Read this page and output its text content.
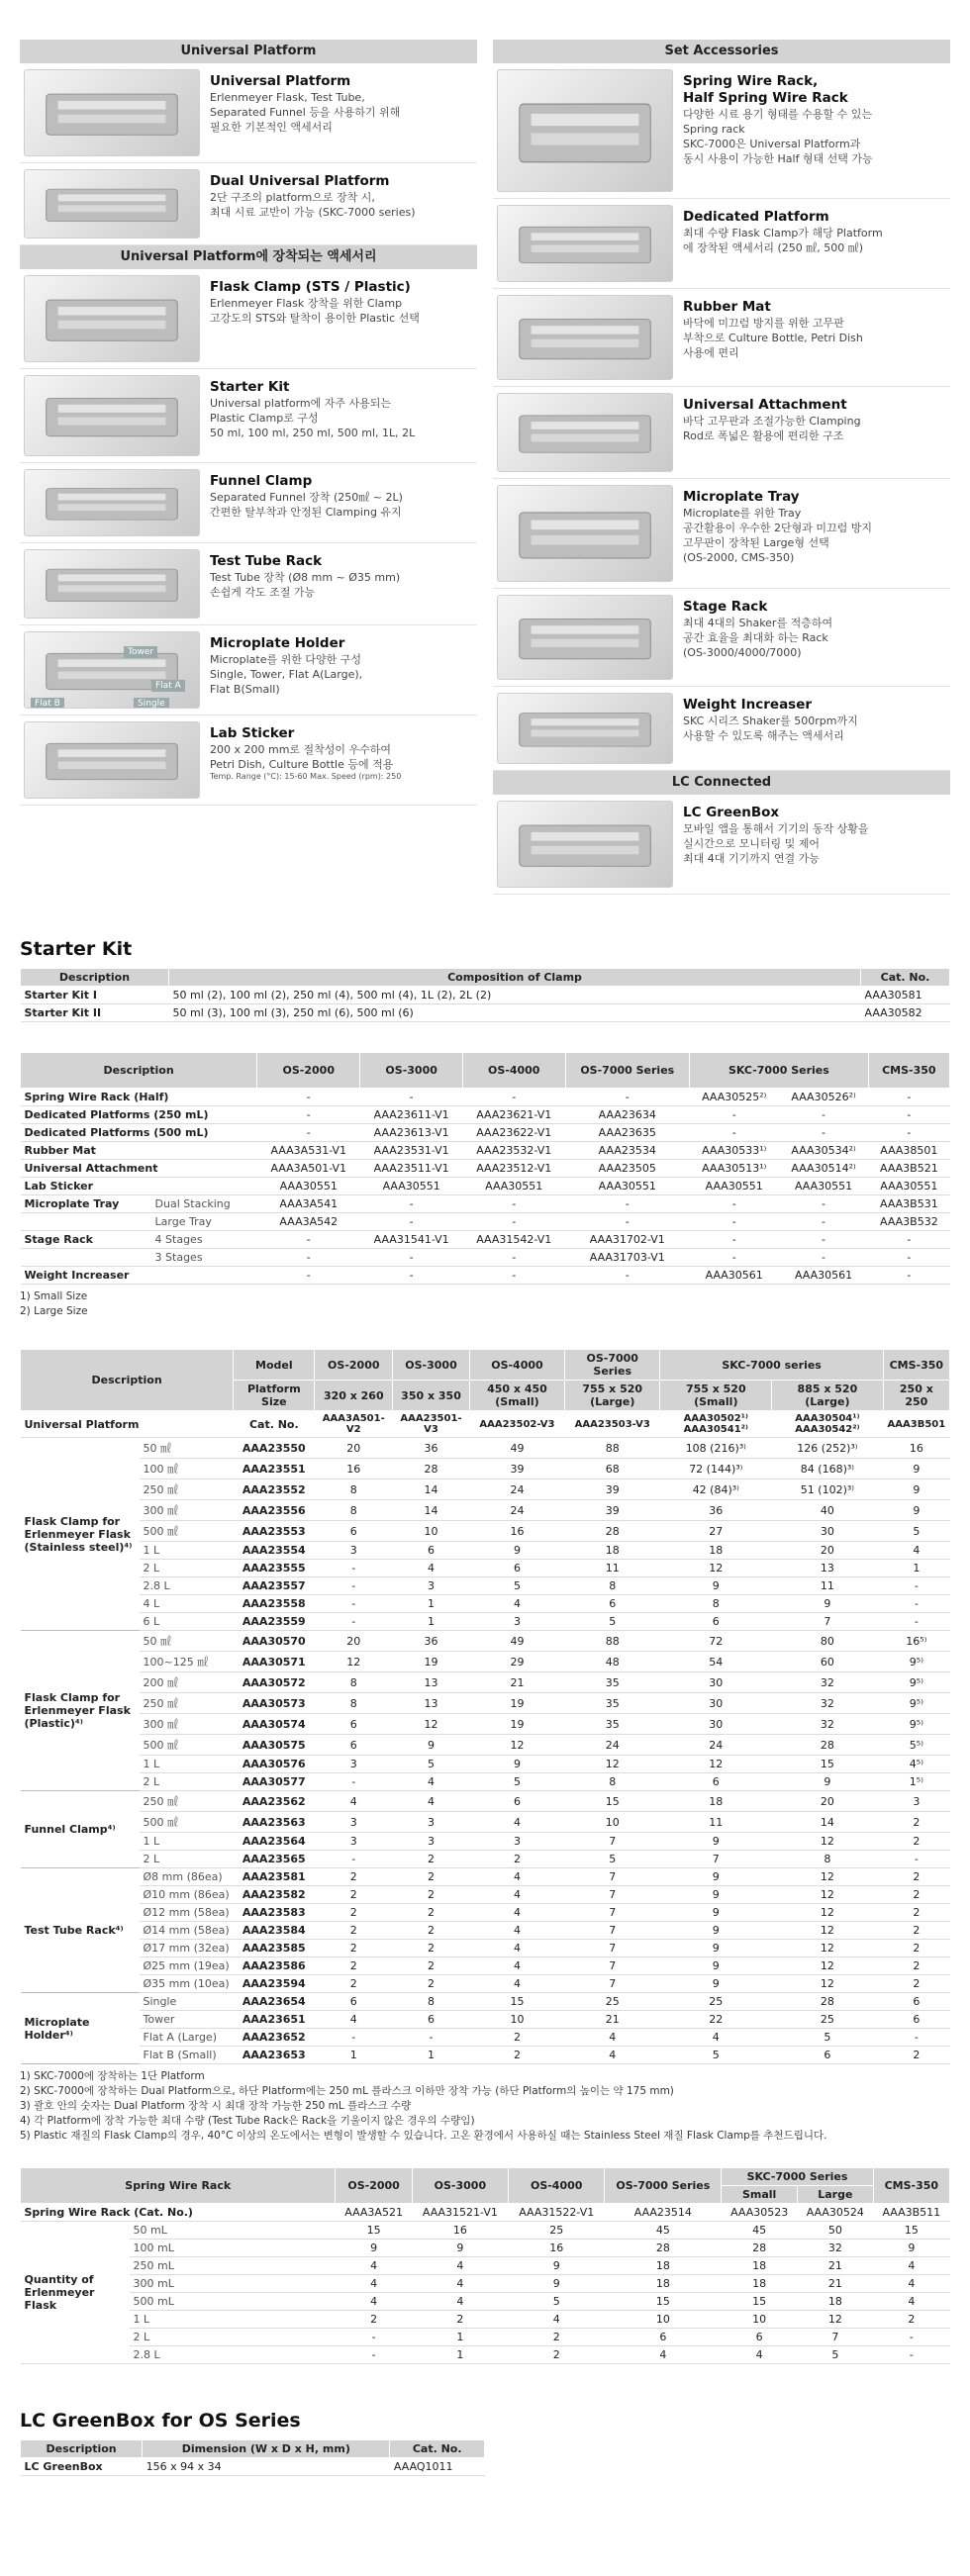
Universal Platform
Universal Platform
Erlenmeyer Flask, Test Tube,
Separated Funnel 등을 사용하기 위해
필요한 기본적인 액세서리
Dual Universal Platform
2단 구조의 platform으로 장착 시,
최대 시료 교반이 가능 (SKC-7000 series)
Universal Platform에 장착되는 액세서리
Flask Clamp (STS / Plastic)
Erlenmeyer Flask 장착을 위한 Clamp
고강도의 STS와 탈착이 용이한 Plastic 선택
Starter Kit
Universal platform에 자주 사용되는
Plastic Clamp로 구성
50 ml, 100 ml, 250 ml, 500 ml, 1L, 2L
Funnel Clamp
Separated Funnel 장착 (250㎖ ~ 2L)
간편한 탈부착과 안정된 Clamping 유지
Test Tube Rack
Test Tube 장착 (Ø8 mm ~ Ø35 mm)
손쉽게 각도 조절 가능
Tower
Flat A
Flat B	Single
Microplate Holder
Microplate를 위한 다양한 구성
Single, Tower, Flat A(Large),
Flat B(Small)
Lab Sticker
200 x 200 mm로 절착성이 우수하여
Petri Dish, Culture Bottle 등에 적용
Temp. Range (°C): 15-60 Max. Speed (rpm): 250
Set Accessories
Spring Wire Rack,
Half Spring Wire Rack
다양한 시료 용기 형태를 수용할 수 있는
Spring rack
SKC-7000은 Universal Platform과
동시 사용이 가능한 Half 형태 선택 가능
Dedicated Platform
최대 수량 Flask Clamp가 해당 Platform
에 장착된 액세서리 (250 ㎖, 500 ㎖)
Rubber Mat
바닥에 미끄럼 방지를 위한 고무판
부착으로 Culture Bottle, Petri Dish
사용에 편리
Universal Attachment
바닥 고무판과 조절가능한 Clamping
Rod로 폭넓은 활용에 편리한 구조
Microplate Tray
Microplate를 위한 Tray
공간활용이 우수한 2단형과 미끄럼 방지
고무판이 장착된 Large형 선택
(OS-2000, CMS-350)
Stage Rack
최대 4대의 Shaker를 적층하여
공간 효율을 최대화 하는 Rack
(OS-3000/4000/7000)
Weight Increaser
SKC 시리즈 Shaker를 500rpm까지
사용할 수 있도록 해주는 액세서리
LC Connected
LC GreenBox
모바일 앱을 통해서 기기의 동작 상황을
실시간으로 모니터링 및 제어
최대 4대 기기까지 연결 가능
Starter Kit
Description	Composition of Clamp	Cat. No.
Starter Kit I	50 ml (2), 100 ml (2), 250 ml (4), 500 ml (4), 1L (2), 2L (2)	AAA30581
Starter Kit II	50 ml (3), 100 ml (3), 250 ml (6), 500 ml (6)	AAA30582
Description		OS-2000	OS-3000	OS-4000	OS-7000 Series	SKC-7000 Series		CMS-350
Spring Wire Rack (Half)		-	-	-	-	AAA30525²⁾	AAA30526²⁾	-
Dedicated Platforms (250 mL)		-	AAA23611-V1	AAA23621-V1	AAA23634	-	-	-
Dedicated Platforms (500 mL)		-	AAA23613-V1	AAA23622-V1	AAA23635	-	-	-
Rubber Mat		AAA3A531-V1	AAA23531-V1	AAA23532-V1	AAA23534	AAA30533¹⁾	AAA30534²⁾	AAA38501
Universal Attachment		AAA3A501-V1	AAA23511-V1	AAA23512-V1	AAA23505	AAA30513¹⁾	AAA30514²⁾	AAA3B521
Lab Sticker		AAA30551	AAA30551	AAA30551	AAA30551	AAA30551	AAA30551	AAA30551
Microplate Tray	Dual Stacking	AAA3A541	-	-	-	-	-	AAA3B531
	Large Tray	AAA3A542	-	-	-	-	-	AAA3B532
Stage Rack	4 Stages	-	AAA31541-V1	AAA31542-V1	AAA31702-V1	-	-	-
	3 Stages	-	-	-	AAA31703-V1	-	-	-
Weight Increaser		-	-	-	-	AAA30561	AAA30561	-
1) Small Size
2) Large Size
Description		Model	OS-2000	OS-3000	OS-4000	OS-7000 Series	SKC-7000 series		CMS-350
		Platform Size	320 x 260	350 x 350	450 x 450 (Small)	755 x 520 (Large)	755 x 520 (Small)	885 x 520 (Large)	250 x 250
Universal Platform		Cat. No.	AAA3A501-V2	AAA23501-V3	AAA23502-V3	AAA23503-V3	AAA30502¹⁾ AAA30541²⁾	AAA30504¹⁾ AAA30542²⁾	AAA3B501
Flask Clamp for Erlenmeyer Flask (Stainless steel)⁴⁾	50 ㎖	AAA23550	20	36	49	88	108 (216)³⁾	126 (252)³⁾	16
	100 ㎖	AAA23551	16	28	39	68	72 (144)³⁾	84 (168)³⁾	9
	250 ㎖	AAA23552	8	14	24	39	42 (84)³⁾	51 (102)³⁾	9
	300 ㎖	AAA23556	8	14	24	39	36	40	9
	500 ㎖	AAA23553	6	10	16	28	27	30	5
	1 L	AAA23554	3	6	9	18	18	20	4
	2 L	AAA23555	-	4	6	11	12	13	1
	2.8 L	AAA23557	-	3	5	8	9	11	-
	4 L	AAA23558	-	1	4	6	8	9	-
	6 L	AAA23559	-	1	3	5	6	7	-
Flask Clamp for Erlenmeyer Flask (Plastic)⁴⁾	50 ㎖	AAA30570	20	36	49	88	72	80	16⁵⁾
	100~125 ㎖	AAA30571	12	19	29	48	54	60	9⁵⁾
	200 ㎖	AAA30572	8	13	21	35	30	32	9⁵⁾
	250 ㎖	AAA30573	8	13	19	35	30	32	9⁵⁾
	300 ㎖	AAA30574	6	12	19	35	30	32	9⁵⁾
	500 ㎖	AAA30575	6	9	12	24	24	28	5⁵⁾
	1 L	AAA30576	3	5	9	12	12	15	4⁵⁾
	2 L	AAA30577	-	4	5	8	6	9	1⁵⁾
Funnel Clamp⁴⁾	250 ㎖	AAA23562	4	4	6	15	18	20	3
	500 ㎖	AAA23563	3	3	4	10	11	14	2
	1 L	AAA23564	3	3	3	7	9	12	2
	2 L	AAA23565	-	2	2	5	7	8	-
Test Tube Rack⁴⁾	Ø8 mm (86ea)	AAA23581	2	2	4	7	9	12	2
	Ø10 mm (86ea)	AAA23582	2	2	4	7	9	12	2
	Ø12 mm (58ea)	AAA23583	2	2	4	7	9	12	2
	Ø14 mm (58ea)	AAA23584	2	2	4	7	9	12	2
	Ø17 mm (32ea)	AAA23585	2	2	4	7	9	12	2
	Ø25 mm (19ea)	AAA23586	2	2	4	7	9	12	2
	Ø35 mm (10ea)	AAA23594	2	2	4	7	9	12	2
Microplate Holder⁴⁾	Single	AAA23654	6	8	15	25	25	28	6
	Tower	AAA23651	4	6	10	21	22	25	6
	Flat A (Large)	AAA23652	-	-	2	4	4	5	-
	Flat B (Small)	AAA23653	1	1	2	4	5	6	2
1) SKC-7000에 장착하는 1단 Platform
2) SKC-7000에 장착하는 Dual Platform으로, 하단 Platform에는 250 mL 플라스크 이하만 장착 가능 (하단 Platform의 높이는 약 175 mm)
3) 괄호 안의 숫자는 Dual Platform 장착 시 최대 장착 가능한 250 mL 플라스크 수량
4) 각 Platform에 장착 가능한 최대 수량 (Test Tube Rack은 Rack을 기울이지 않은 경우의 수량임)
5) Plastic 재질의 Flask Clamp의 경우, 40°C 이상의 온도에서는 변형이 발생할 수 있습니다. 고온 환경에서 사용하실 때는 Stainless Steel 재질 Flask Clamp를 추천드립니다.
Spring Wire Rack		OS-2000	OS-3000	OS-4000	OS-7000 Series	SKC-7000 Series		CMS-350
						Small	Large	
Spring Wire Rack (Cat. No.)		AAA3A521	AAA31521-V1	AAA31522-V1	AAA23514	AAA30523	AAA30524	AAA3B511
Quantity of Erlenmeyer Flask	50 mL	15	16	25	45	45	50	15
	100 mL	9	9	16	28	28	32	9
	250 mL	4	4	9	18	18	21	4
	300 mL	4	4	9	18	18	21	4
	500 mL	4	4	5	15	15	18	4
	1 L	2	2	4	10	10	12	2
	2 L	-	1	2	6	6	7	-
	2.8 L	-	1	2	4	4	5	-
LC GreenBox for OS Series
Description	Dimension (W x D x H, mm)	Cat. No.
LC GreenBox	156 x 94 x 34	AAAQ1011
